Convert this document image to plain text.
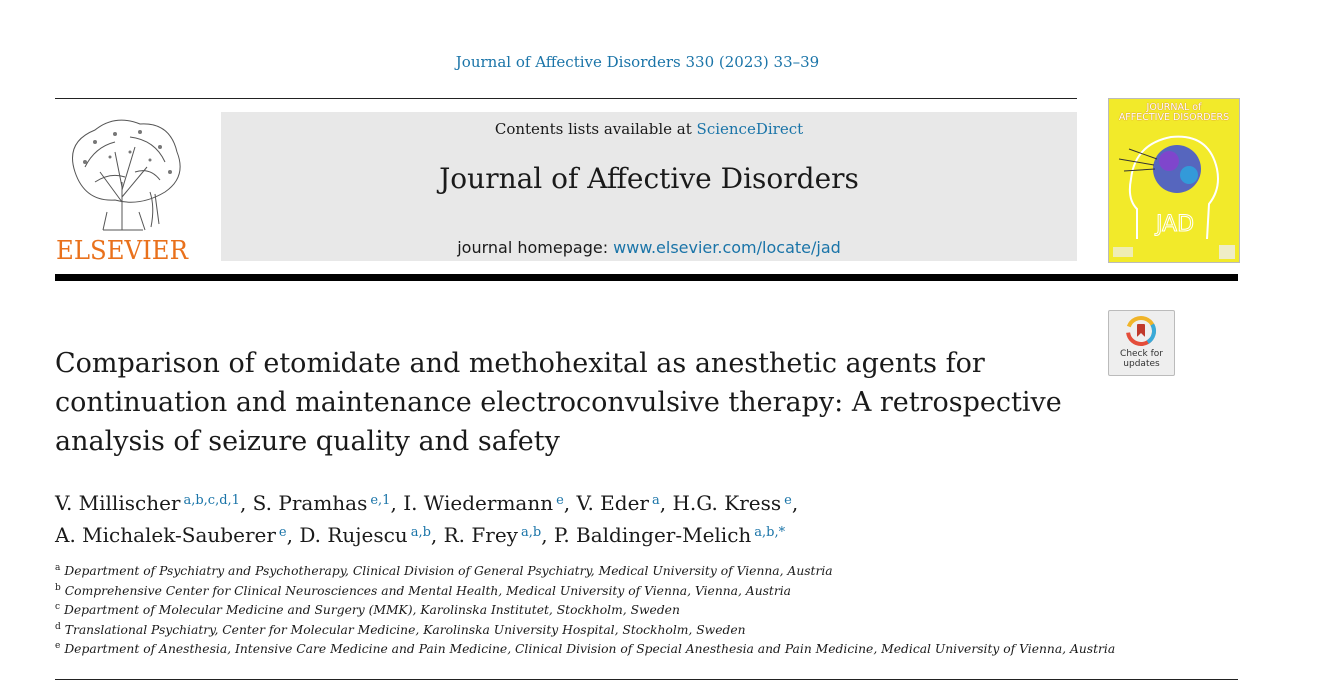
Journal of Affective Disorders 330 (2023) 33–39
ELSEVIER
Contents lists available at ScienceDirect
Journal of Affective Disorders
journal homepage: www.elsevier.com/locate/jad
JOURNAL of
AFFECTIVE DISORDERS
JAD
Check for
updates
Comparison of etomidate and methohexital as anesthetic agents for continuation and maintenance electroconvulsive therapy: A retrospective analysis of seizure quality and safety
V. Millischer $^{a,b,c,d,1}$, S. Pramhas $^{e,1}$, I. Wiedermann $^e$, V. Eder $^a$, H.G. Kress $^e$,
A. Michalek-Sauberer $^e$, D. Rujescu $^{a,b}$, R. Frey $^{a,b}$, P. Baldinger-Melich $^{a,b,*}$
$^a$ Department of Psychiatry and Psychotherapy, Clinical Division of General Psychiatry, Medical University of Vienna, Austria
$^b$ Comprehensive Center for Clinical Neurosciences and Mental Health, Medical University of Vienna, Vienna, Austria
$^c$ Department of Molecular Medicine and Surgery (MMK), Karolinska Institutet, Stockholm, Sweden
$^d$ Translational Psychiatry, Center for Molecular Medicine, Karolinska University Hospital, Stockholm, Sweden
$^e$ Department of Anesthesia, Intensive Care Medicine and Pain Medicine, Clinical Division of Special Anesthesia and Pain Medicine, Medical University of Vienna, Austria
